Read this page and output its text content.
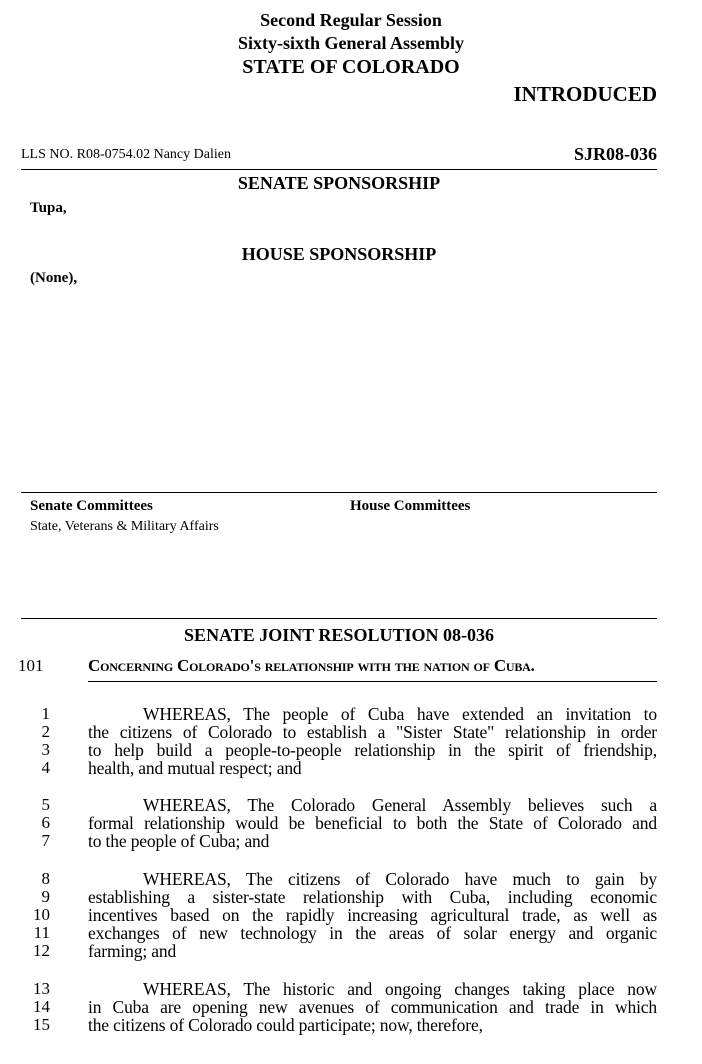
Second Regular Session
Sixty-sixth General Assembly
STATE OF COLORADO
INTRODUCED
LLS NO. R08-0754.02 Nancy Dalien	SJR08-036
SENATE SPONSORSHIP
Tupa,
HOUSE SPONSORSHIP
(None),
Senate Committees	House Committees
State, Veterans & Military Affairs
SENATE JOINT RESOLUTION 08-036
101	Concerning Colorado's relationship with the nation of Cuba.
1	WHEREAS, The people of Cuba have extended an invitation to
2 the citizens of Colorado to establish a "Sister State" relationship in order
3 to help build a people-to-people relationship in the spirit of friendship,
4 health, and mutual respect; and
5	WHEREAS, The Colorado General Assembly believes such a
6 formal relationship would be beneficial to both the State of Colorado and
7 to the people of Cuba; and
8	WHEREAS, The citizens of Colorado have much to gain by
9 establishing a sister-state relationship with Cuba, including economic
10 incentives based on the rapidly increasing agricultural trade, as well as
11 exchanges of new technology in the areas of solar energy and organic
12 farming; and
13	WHEREAS, The historic and ongoing changes taking place now
14 in Cuba are opening new avenues of communication and trade in which
15 the citizens of Colorado could participate; now, therefore,
